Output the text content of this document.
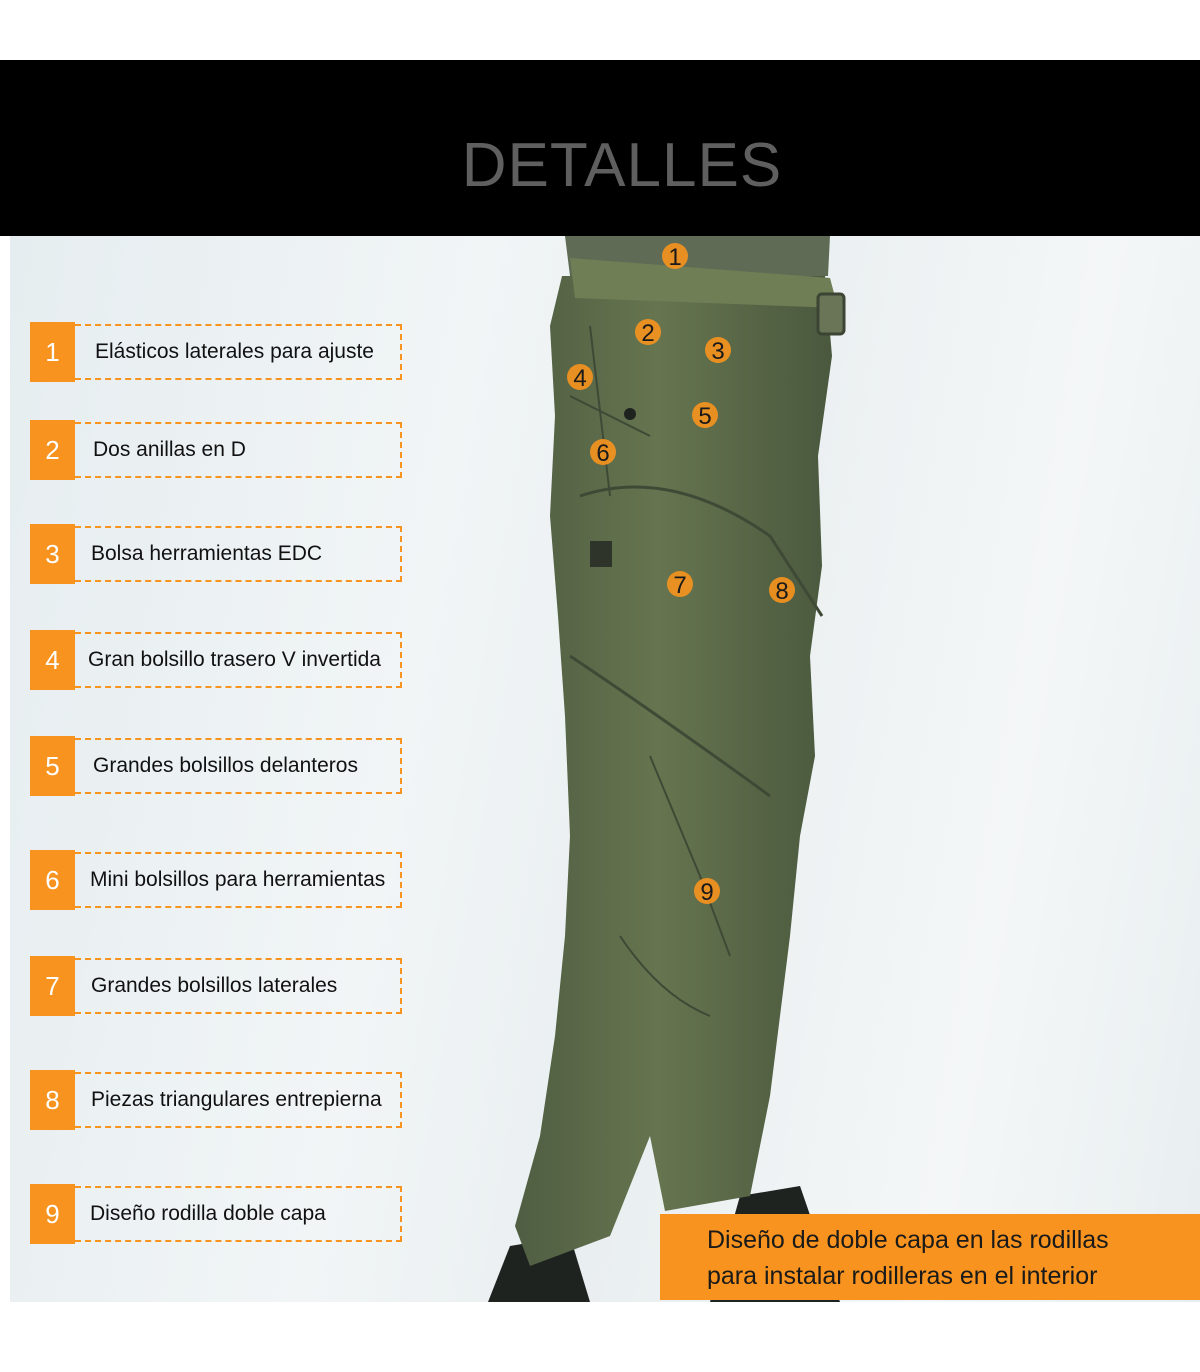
DETALLES
1
2
3
4
5
6
7	8
9
1	Elásticos laterales para ajuste
2	Dos anillas en D
3	Bolsa herramientas EDC
4	Gran bolsillo trasero V invertida
5	Grandes bolsillos delanteros
6	Mini bolsillos para herramientas
7	Grandes bolsillos laterales
8	Piezas triangulares entrepierna
9	Diseño rodilla doble capa
Diseño de doble capa en las rodillas
para instalar rodilleras en el interior
